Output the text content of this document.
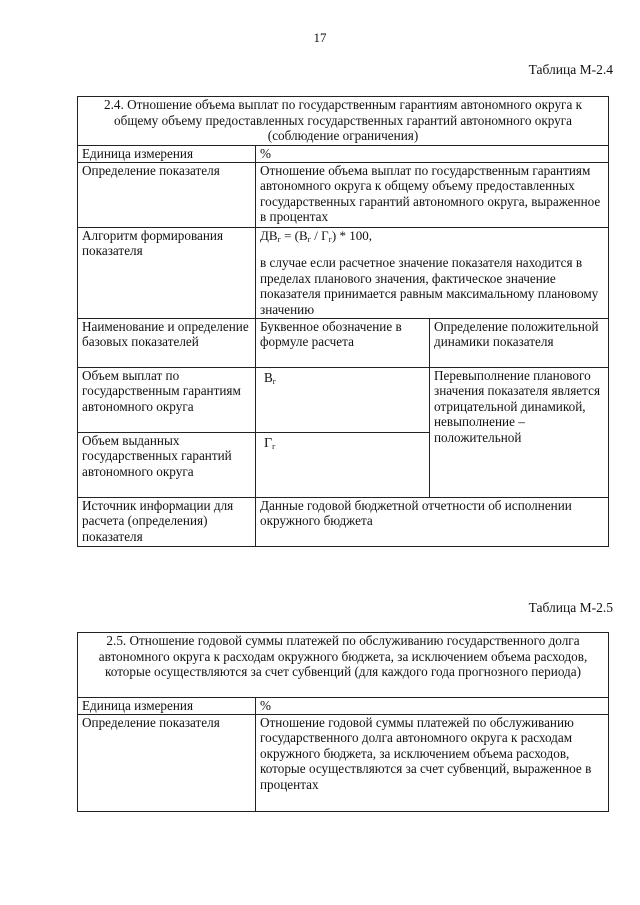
17
Таблица М-2.4
2.4. Отношение объема выплат по государственным гарантиям автономного округа к общему объему предоставленных государственных гарантий автономного округа (соблюдение ограничения)		
Единица измерения	%	
Определение показателя	Отношение объема выплат по государственным гарантиям автономного округа к общему объему предоставленных государственных гарантий автономного округа, выраженное в процентах	
Алгоритм формирования показателя	$ДВ_г = (В_г / Г_г) * 100$,
в случае если расчетное значение показателя находится в пределах планового значения, фактическое значение показателя принимается равным максимальному плановому значению	

Наименование и определение базовых показателей	Буквенное обозначение в формуле расчета	Определение положительной динамики показателя
Объем выплат по государственным гарантиям автономного округа	$В_г$	Перевыполнение планового значения показателя является отрицательной динамикой, невыполнение – положительной
Объем выданных государственных гарантий автономного округа	$Г_г$
Источник информации для расчета (определения) показателя	Данные годовой бюджетной отчетности об исполнении окружного бюджета	
Таблица М-2.5
2.5. Отношение годовой суммы платежей по обслуживанию государственного долга автономного округа к расходам окружного бюджета, за исключением объема расходов, которые осуществляются за счет субвенций (для каждого года прогнозного периода)	
Единица измерения	%
Определение показателя	Отношение годовой суммы платежей по обслуживанию государственного долга автономного округа к расходам окружного бюджета, за исключением объема расходов, которые осуществляются за счет субвенций, выраженное в процентах
